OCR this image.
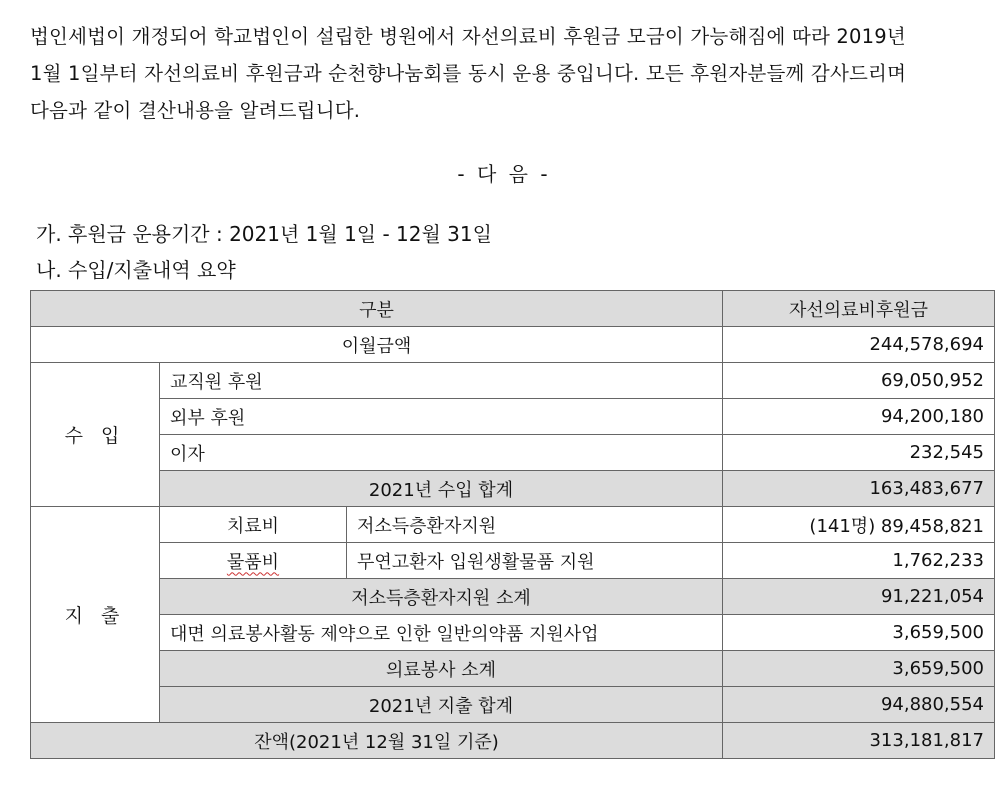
법인세법이 개정되어 학교법인이 설립한 병원에서 자선의료비 후원금 모금이 가능해짐에 따라 2019년
1월 1일부터 자선의료비 후원금과 순천향나눔회를 동시 운용 중입니다. 모든 후원자분들께 감사드리며
다음과 같이 결산내용을 알려드립니다.
- 다 음 -
가. 후원금 운용기간 : 2021년 1월 1일 - 12월 31일
나. 수입/지출내역 요약
구분			자선의료비후원금
이월금액			244,578,694
수 입	교직원 후원		69,050,952
	외부 후원		94,200,180
	이자		232,545
	2021년 수입 합계		163,483,677
지 출	치료비	저소득층환자지원	(141명) 89,458,821
	물품비	무연고환자 입원생활물품 지원	1,762,233
	저소득층환자지원 소계		91,221,054
	대면 의료봉사활동 제약으로 인한 일반의약품 지원사업		3,659,500
	의료봉사 소계		3,659,500
	2021년 지출 합계		94,880,554
잔액(2021년 12월 31일 기준)			313,181,817
